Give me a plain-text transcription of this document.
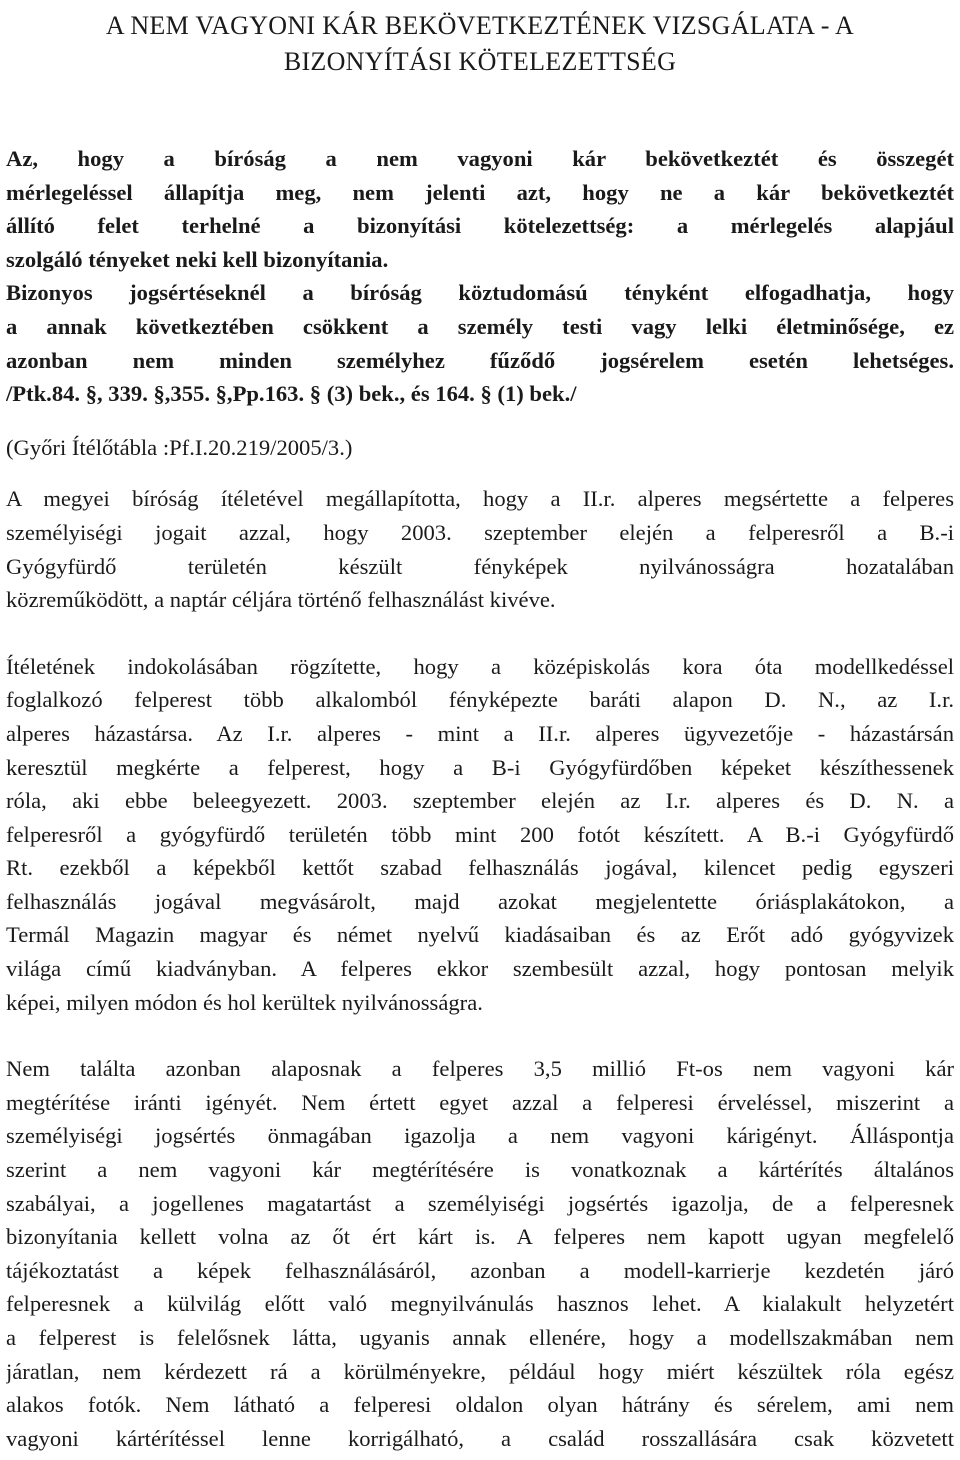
A NEM VAGYONI KÁR BEKÖVETKEZTÉNEK VIZSGÁLATA - A
BIZONYÍTÁSI KÖTELEZETTSÉG
Az, hogy a bíróság a nem vagyoni kár bekövetkeztét és összegét
mérlegeléssel állapítja meg, nem jelenti azt, hogy ne a kár bekövetkeztét
állító felet terhelné a bizonyítási kötelezettség: a mérlegelés alapjául
szolgáló tényeket neki kell bizonyítania.
Bizonyos jogsértéseknél a bíróság köztudomású tényként elfogadhatja, hogy
a annak következtében csökkent a személy testi vagy lelki életminősége, ez
azonban nem minden személyhez fűződő jogsérelem esetén lehetséges.
/Ptk.84. §, 339. §,355. §,Pp.163. § (3) bek., és 164. § (1) bek./

(Győri Ítélőtábla :Pf.I.20.219/2005/3.)

A megyei bíróság ítéletével megállapította, hogy a II.r. alperes megsértette a felperes
személyiségi jogait azzal, hogy 2003. szeptember elején a felperesről a B.-i
Gyógyfürdő területén készült fényképek nyilvánosságra hozatalában
közreműködött, a naptár céljára történő felhasználást kivéve.
Ítéletének indokolásában rögzítette, hogy a középiskolás kora óta modellkedéssel
foglalkozó felperest több alkalomból fényképezte baráti alapon D. N., az I.r.
alperes házastársa. Az I.r. alperes - mint a II.r. alperes ügyvezetője - házastársán
keresztül megkérte a felperest, hogy a B-i Gyógyfürdőben képeket készíthessenek
róla, aki ebbe beleegyezett. 2003. szeptember elején az I.r. alperes és D. N. a
felperesről a gyógyfürdő területén több mint 200 fotót készített. A B.-i Gyógyfürdő
Rt. ezekből a képekből kettőt szabad felhasználás jogával, kilencet pedig egyszeri
felhasználás jogával megvásárolt, majd azokat megjelentette óriásplakátokon, a
Termál Magazin magyar és német nyelvű kiadásaiban és az Erőt adó gyógyvizek
világa című kiadványban. A felperes ekkor szembesült azzal, hogy pontosan melyik
képei, milyen módon és hol kerültek nyilvánosságra.
Nem találta azonban alaposnak a felperes 3,5 millió Ft-os nem vagyoni kár
megtérítése iránti igényét. Nem értett egyet azzal a felperesi érveléssel, miszerint a
személyiségi jogsértés önmagában igazolja a nem vagyoni kárigényt. Álláspontja
szerint a nem vagyoni kár megtérítésére is vonatkoznak a kártérítés általános
szabályai, a jogellenes magatartást a személyiségi jogsértés igazolja, de a felperesnek
bizonyítania kellett volna az őt ért kárt is. A felperes nem kapott ugyan megfelelő
tájékoztatást a képek felhasználásáról, azonban a modell-karrierje kezdetén járó
felperesnek a külvilág előtt való megnyilvánulás hasznos lehet. A kialakult helyzetért
a felperest is felelősnek látta, ugyanis annak ellenére, hogy a modellszakmában nem
járatlan, nem kérdezett rá a körülményekre, például hogy miért készültek róla egész
alakos fotók. Nem látható a felperesi oldalon olyan hátrány és sérelem, ami nem
vagyoni kártérítéssel lenne korrigálható, a család rosszallására csak közvetett
